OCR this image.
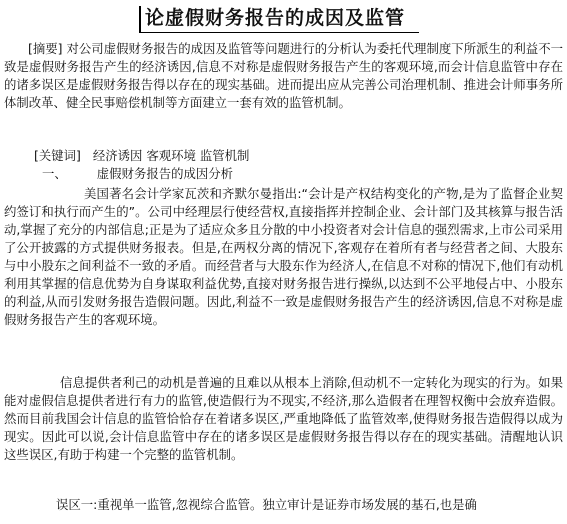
论虚假财务报告的成因及监管

[摘要] 对公司虚假财务报告的成因及监管等问题进行的分析认为委托代理制度下所派生的利益不一致是虚假财务报告产生的经济诱因,信息不对称是虚假财务报告产生的客观环境,而会计信息监管中存在的诸多误区是虚假财务报告得以存在的现实基础。进而提出应从完善公司治理机制、推进会计师事务所体制改革、健全民事赔偿机制等方面建立一套有效的监管机制。

[关键词] 经济诱因 客观环境 监管机制

一、 虚假财务报告的成因分析

美国著名会计学家瓦茨和齐默尔曼指出:“会计是产权结构变化的产物,是为了监督企业契约签订和执行而产生的”。公司中经理层行使经营权,直接指挥并控制企业、会计部门及其核算与报告活动,掌握了充分的内部信息;正是为了适应众多且分散的中小投资者对会计信息的强烈需求,上市公司采用了公开披露的方式提供财务报表。但是,在两权分离的情况下,客观存在着所有者与经营者之间、大股东与中小股东之间利益不一致的矛盾。而经营者与大股东作为经济人,在信息不对称的情况下,他们有动机利用其掌握的信息优势为自身谋取利益优势,直接对财务报告进行操纵,以达到不公平地侵占中、小股东的利益,从而引发财务报告造假问题。因此,利益不一致是虚假财务报告产生的经济诱因,信息不对称是虚假财务报告产生的客观环境。

信息提供者利己的动机是普遍的且难以从根本上消除,但动机不一定转化为现实的行为。如果能对虚假信息提供者进行有力的监管,使造假行为不现实,不经济,那么造假者在理智权衡中会放弃造假。然而目前我国会计信息的监管恰恰存在着诸多误区,严重地降低了监管效率,使得财务报告造假得以成为现实。因此可以说,会计信息监管中存在的诸多误区是虚假财务报告得以存在的现实基础。清醒地认识这些误区,有助于构建一个完整的监管机制。

误区一:重视单一监管,忽视综合监管。独立审计是证券市场发展的基石,也是确
